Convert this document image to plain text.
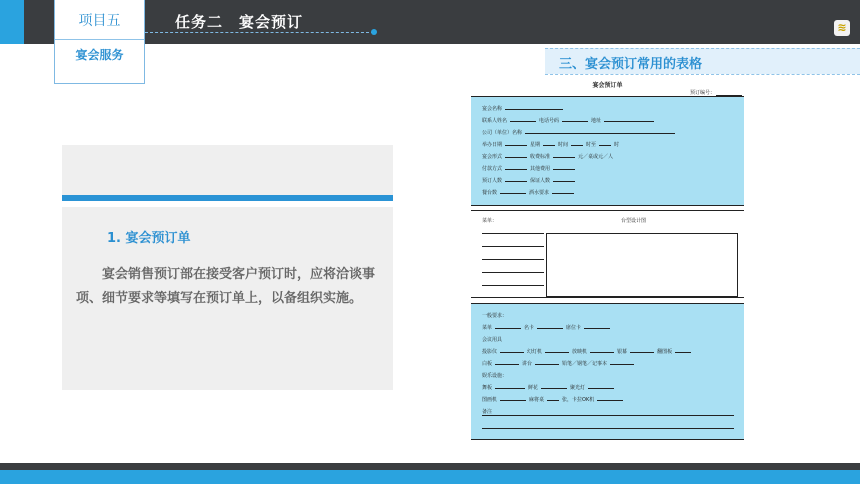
任务二　宴会预订	≋
项目五
宴会服务
三、宴会预订常用的表格
1. 宴会预订单
宴会销售预订部在接受客户预订时，应将洽谈事项、细节要求等填写在预订单上，以备组织实施。
宴会预订单
预订编号：
宴会名称
联系人姓名	电话号码	地址
公司（单位）名称
举办日期	星期	时间	时至	时
宴会形式	收费标准	元／桌或元／人
付款方式	其他费用
预订人数	保证人数
餐台数	酒水要求
菜单：	台型设计图
一般要求：
菜单	名卡	席位卡
会议用具
投影仪	幻灯机	放映机	银幕	翻图板
白板	讲台	铅笔／钢笔／记事本
娱乐设施：
舞板	鲜花	聚光灯
图画机	麻将桌	张，卡拉OK机
备注
